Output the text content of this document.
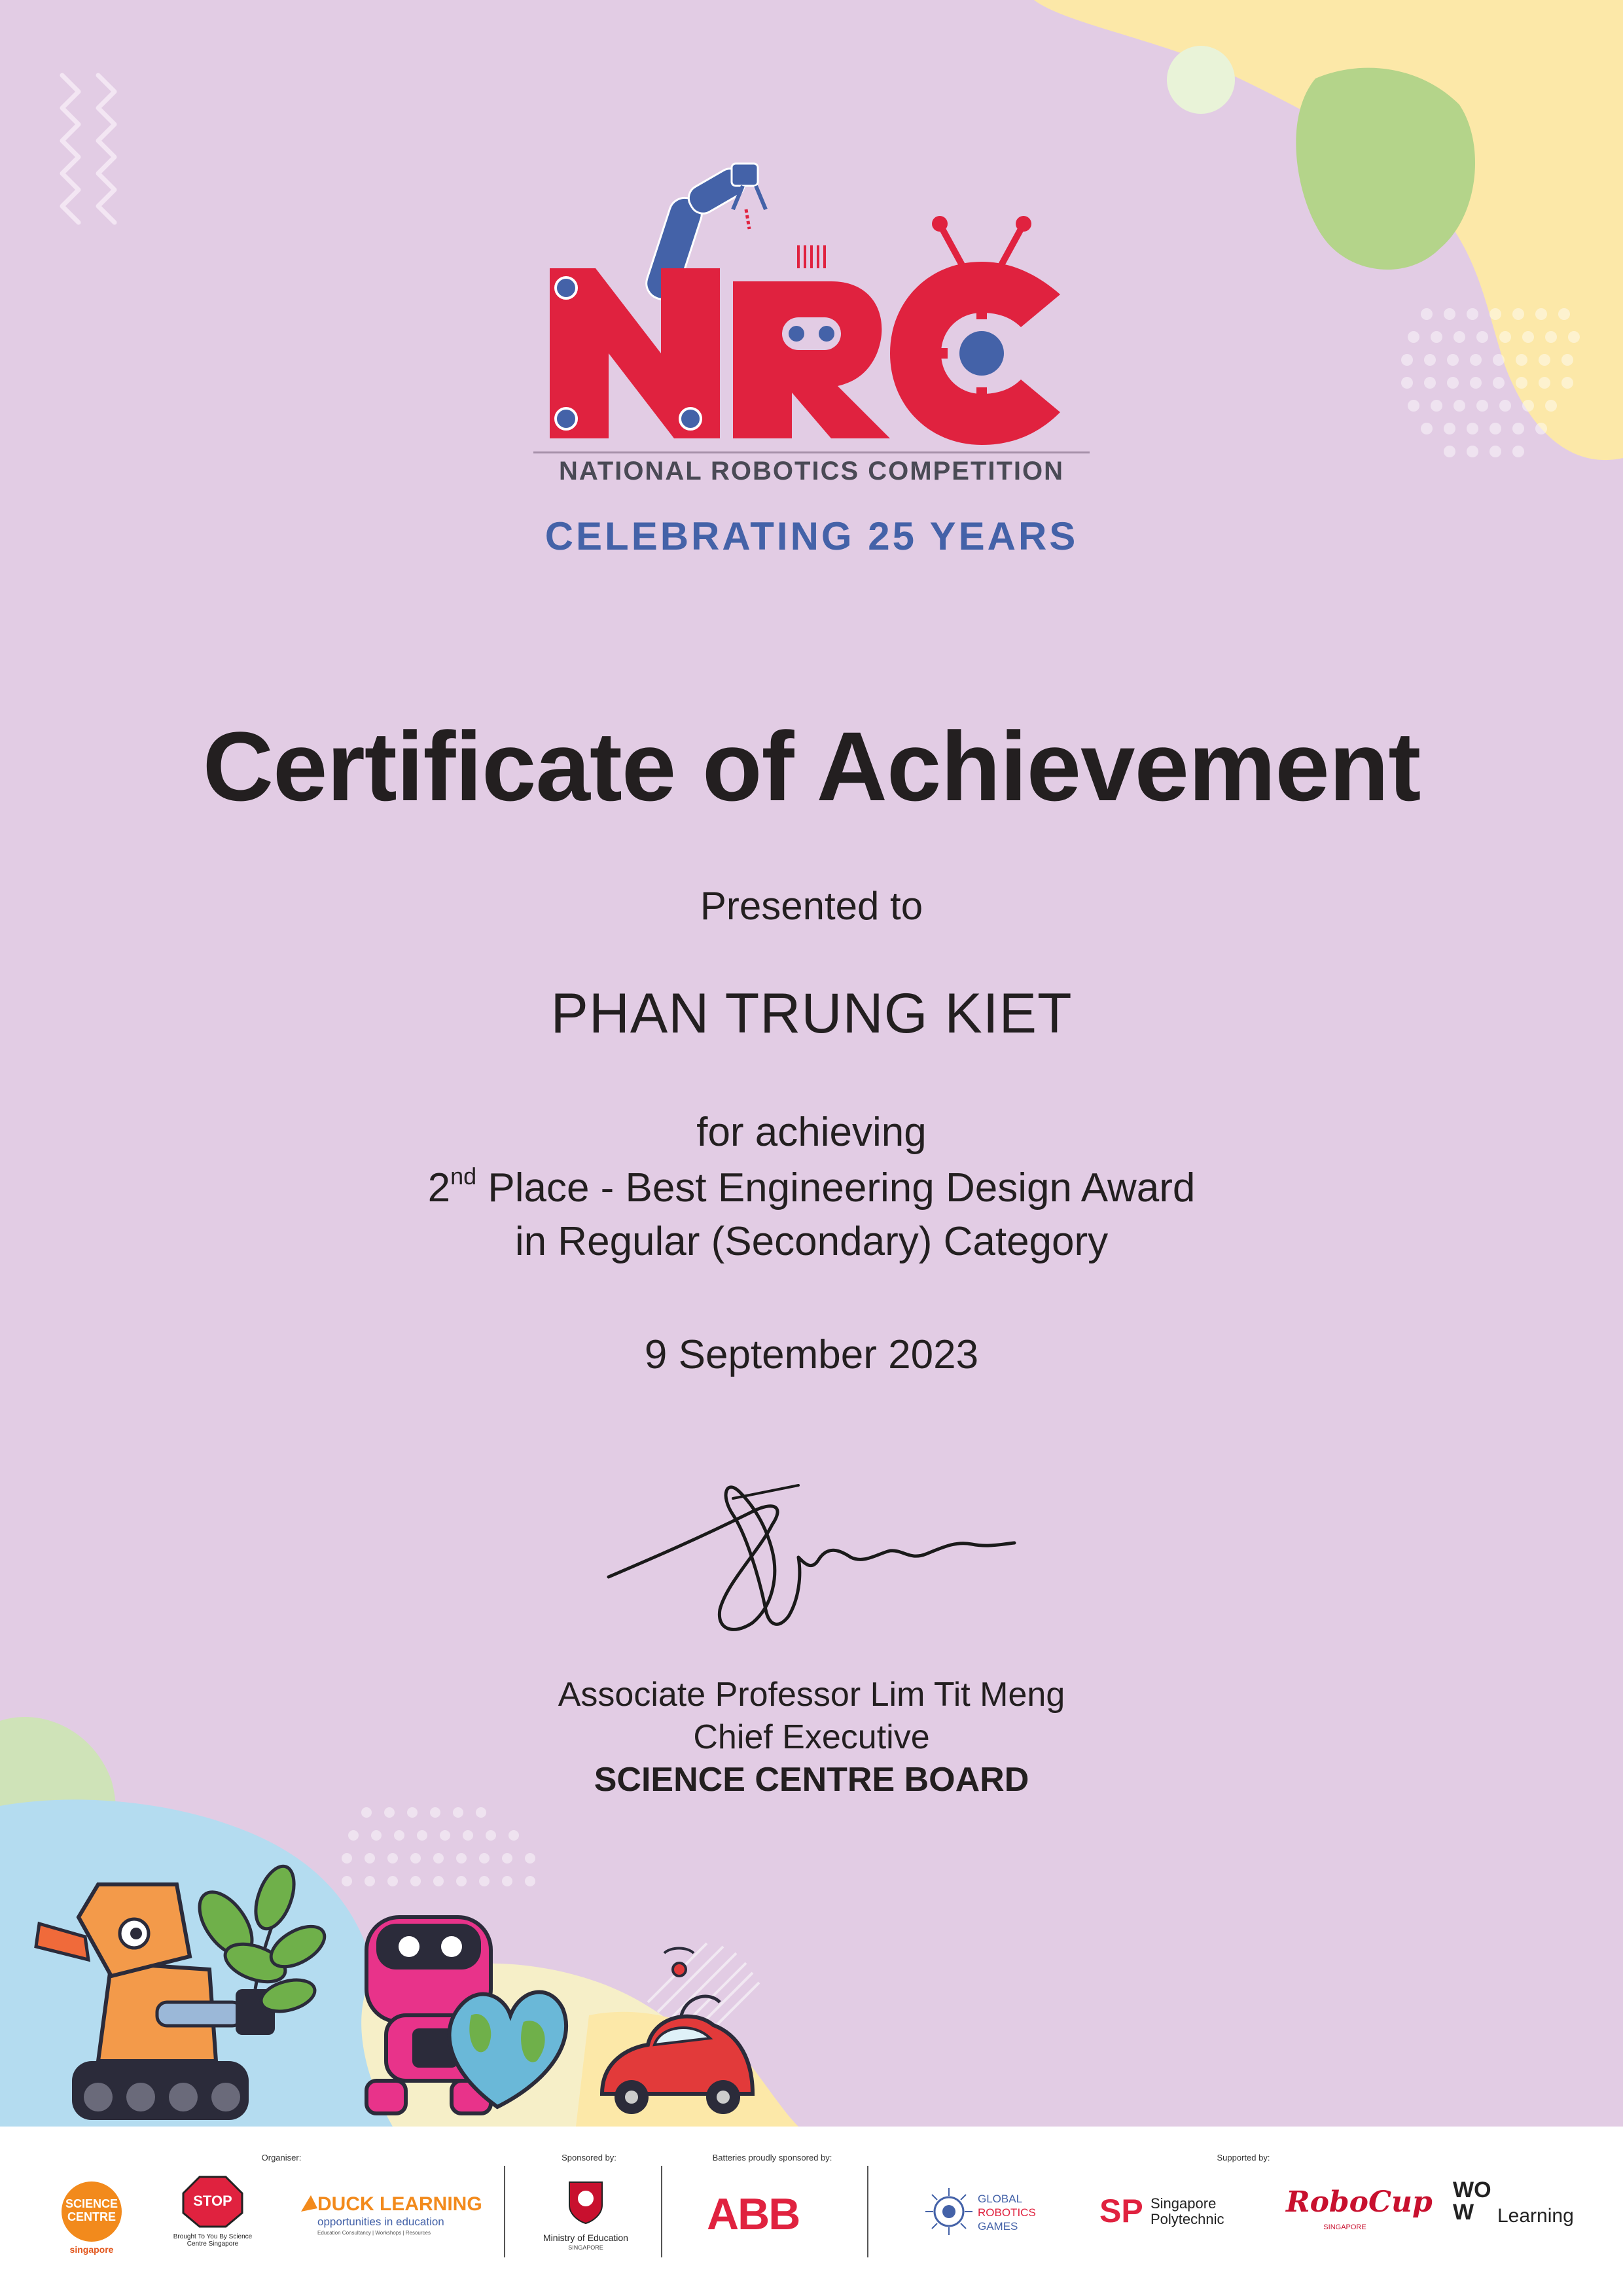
NATIONAL ROBOTICS COMPETITION
CELEBRATING 25 YEARS
Certificate of Achievement
Presented to
PHAN TRUNG KIET
for achieving
2nd Place - Best Engineering Design Award
in Regular (Secondary) Category
9 September 2023
Associate Professor Lim Tit Meng
Chief Executive
SCIENCE CENTRE BOARD
Organiser:	Sponsored by:	Batteries proudly sponsored by:	Supported by:
SCIENCE CENTRE
singapore
STOP
Brought To You By Science Centre Singapore
DUCK LEARNING
opportunities in education
Education Consultancy | Workshops | Resources	Ministry of Education
SINGAPORE
ABB	GLOBAL
ROBOTICS
GAMES	SP Singapore
Polytechnic
RoboCup
SINGAPORE
WOW	Learning
